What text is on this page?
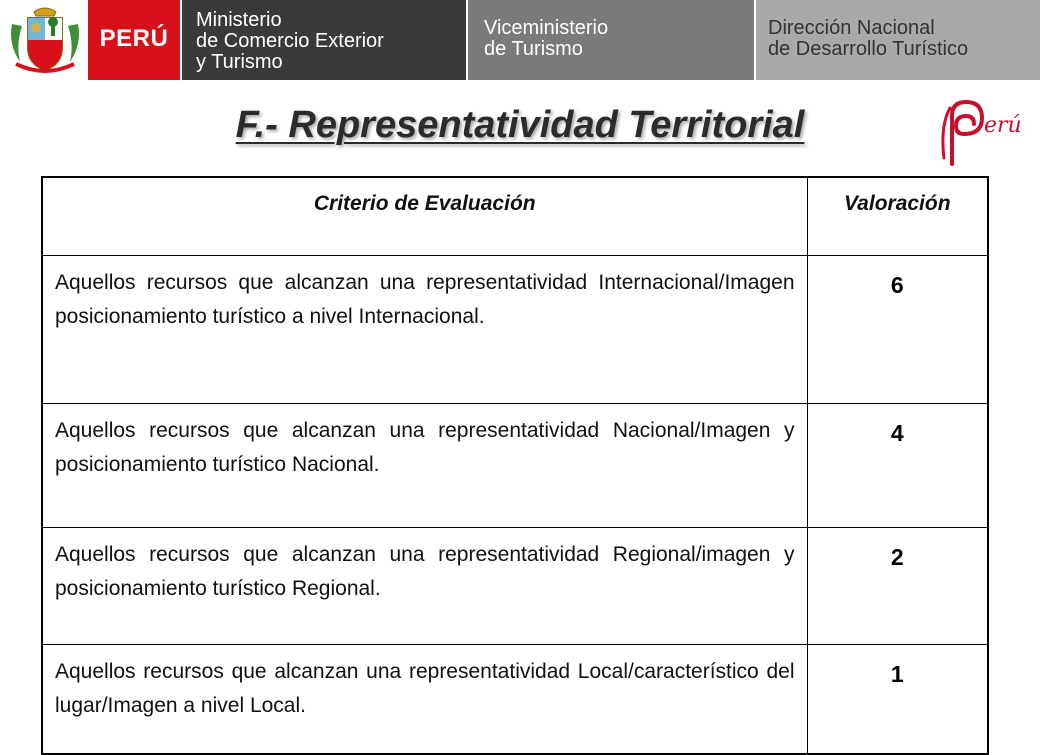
PERÚ
Ministerio
de Comercio Exterior
y Turismo
Viceministerio
de Turismo
Dirección Nacional
de Desarrollo Turístico
F.- Representatividad Territorial	erú
Criterio de Evaluación	Valoración
Aquellos recursos que alcanzan una representatividad Internacional/Imagen posicionamiento turístico a nivel Internacional.	6
Aquellos recursos que alcanzan una representatividad Nacional/Imagen y posicionamiento turístico Nacional.	4
Aquellos recursos que alcanzan una representatividad Regional/imagen y posicionamiento turístico Regional.	2
Aquellos recursos que alcanzan una representatividad Local/característico del lugar/Imagen a nivel Local.	1
